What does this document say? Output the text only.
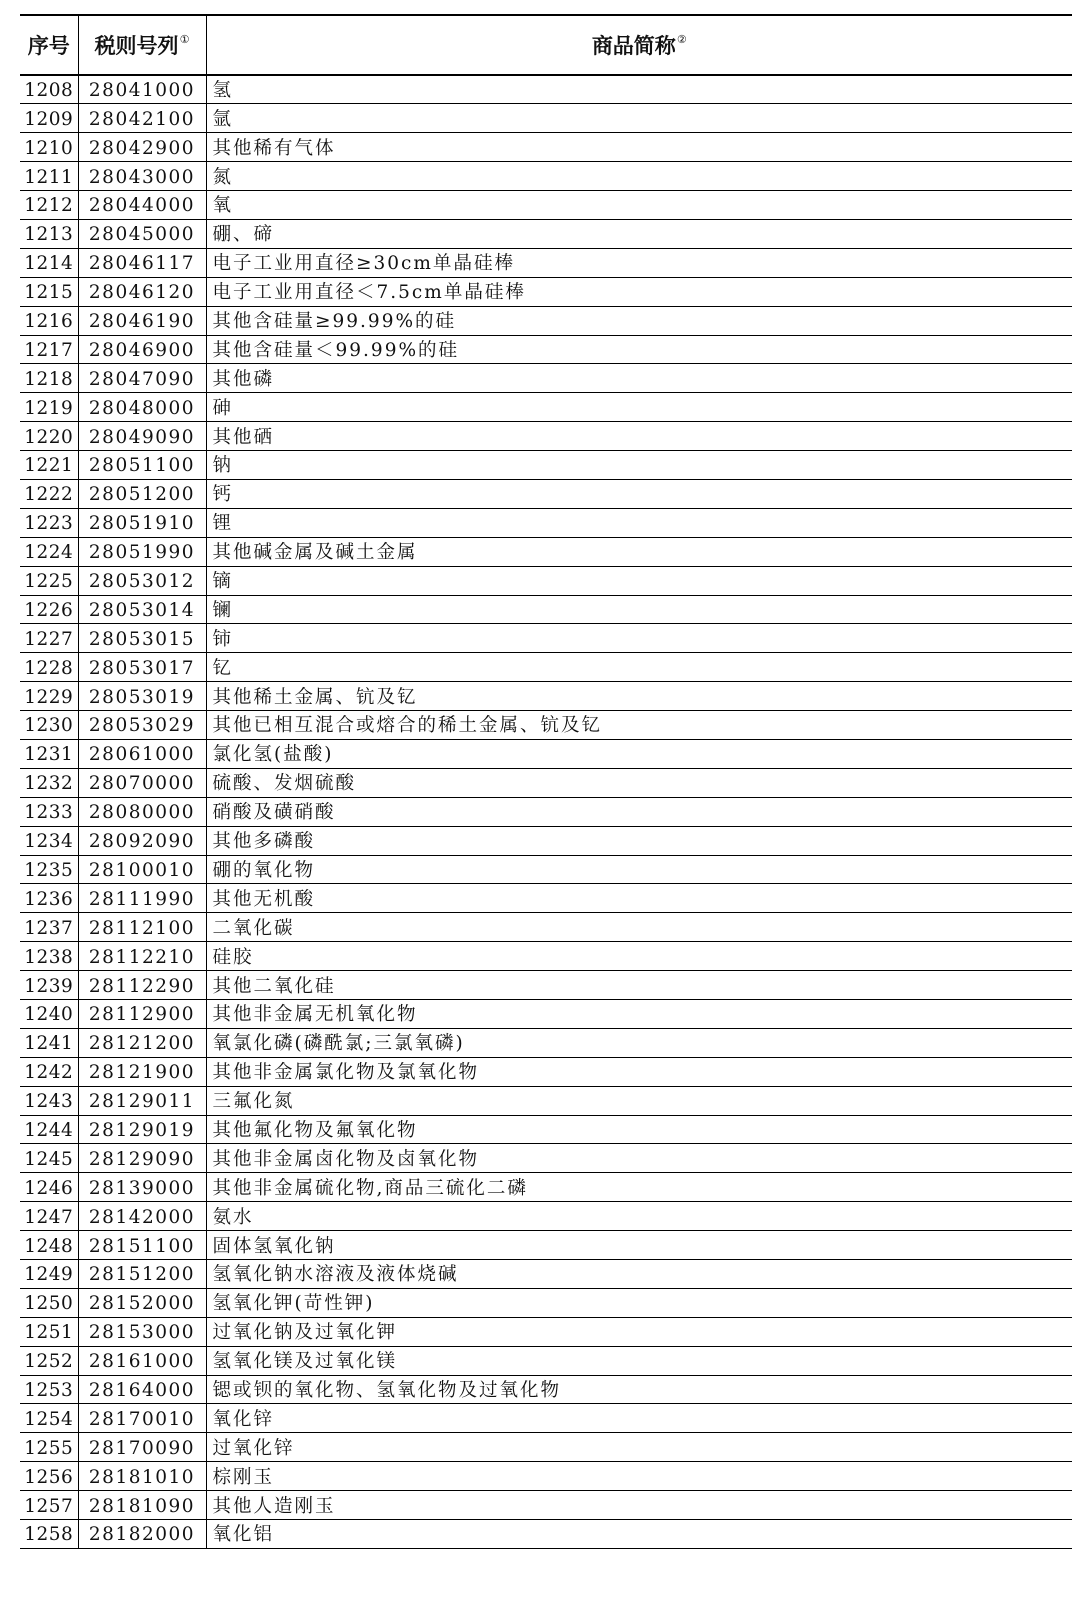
序号	税则号列①	商品简称②
1208	28041000	氢
1209	28042100	氩
1210	28042900	其他稀有气体
1211	28043000	氮
1212	28044000	氧
1213	28045000	硼、碲
1214	28046117	电子工业用直径≥30cm单晶硅棒
1215	28046120	电子工业用直径＜7.5cm单晶硅棒
1216	28046190	其他含硅量≥99.99%的硅
1217	28046900	其他含硅量＜99.99%的硅
1218	28047090	其他磷
1219	28048000	砷
1220	28049090	其他硒
1221	28051100	钠
1222	28051200	钙
1223	28051910	锂
1224	28051990	其他碱金属及碱土金属
1225	28053012	镝
1226	28053014	镧
1227	28053015	铈
1228	28053017	钇
1229	28053019	其他稀土金属、钪及钇
1230	28053029	其他已相互混合或熔合的稀土金属、钪及钇
1231	28061000	氯化氢(盐酸)
1232	28070000	硫酸、发烟硫酸
1233	28080000	硝酸及磺硝酸
1234	28092090	其他多磷酸
1235	28100010	硼的氧化物
1236	28111990	其他无机酸
1237	28112100	二氧化碳
1238	28112210	硅胶
1239	28112290	其他二氧化硅
1240	28112900	其他非金属无机氧化物
1241	28121200	氧氯化磷(磷酰氯;三氯氧磷)
1242	28121900	其他非金属氯化物及氯氧化物
1243	28129011	三氟化氮
1244	28129019	其他氟化物及氟氧化物
1245	28129090	其他非金属卤化物及卤氧化物
1246	28139000	其他非金属硫化物,商品三硫化二磷
1247	28142000	氨水
1248	28151100	固体氢氧化钠
1249	28151200	氢氧化钠水溶液及液体烧碱
1250	28152000	氢氧化钾(苛性钾)
1251	28153000	过氧化钠及过氧化钾
1252	28161000	氢氧化镁及过氧化镁
1253	28164000	锶或钡的氧化物、氢氧化物及过氧化物
1254	28170010	氧化锌
1255	28170090	过氧化锌
1256	28181010	棕刚玉
1257	28181090	其他人造刚玉
1258	28182000	氧化铝
